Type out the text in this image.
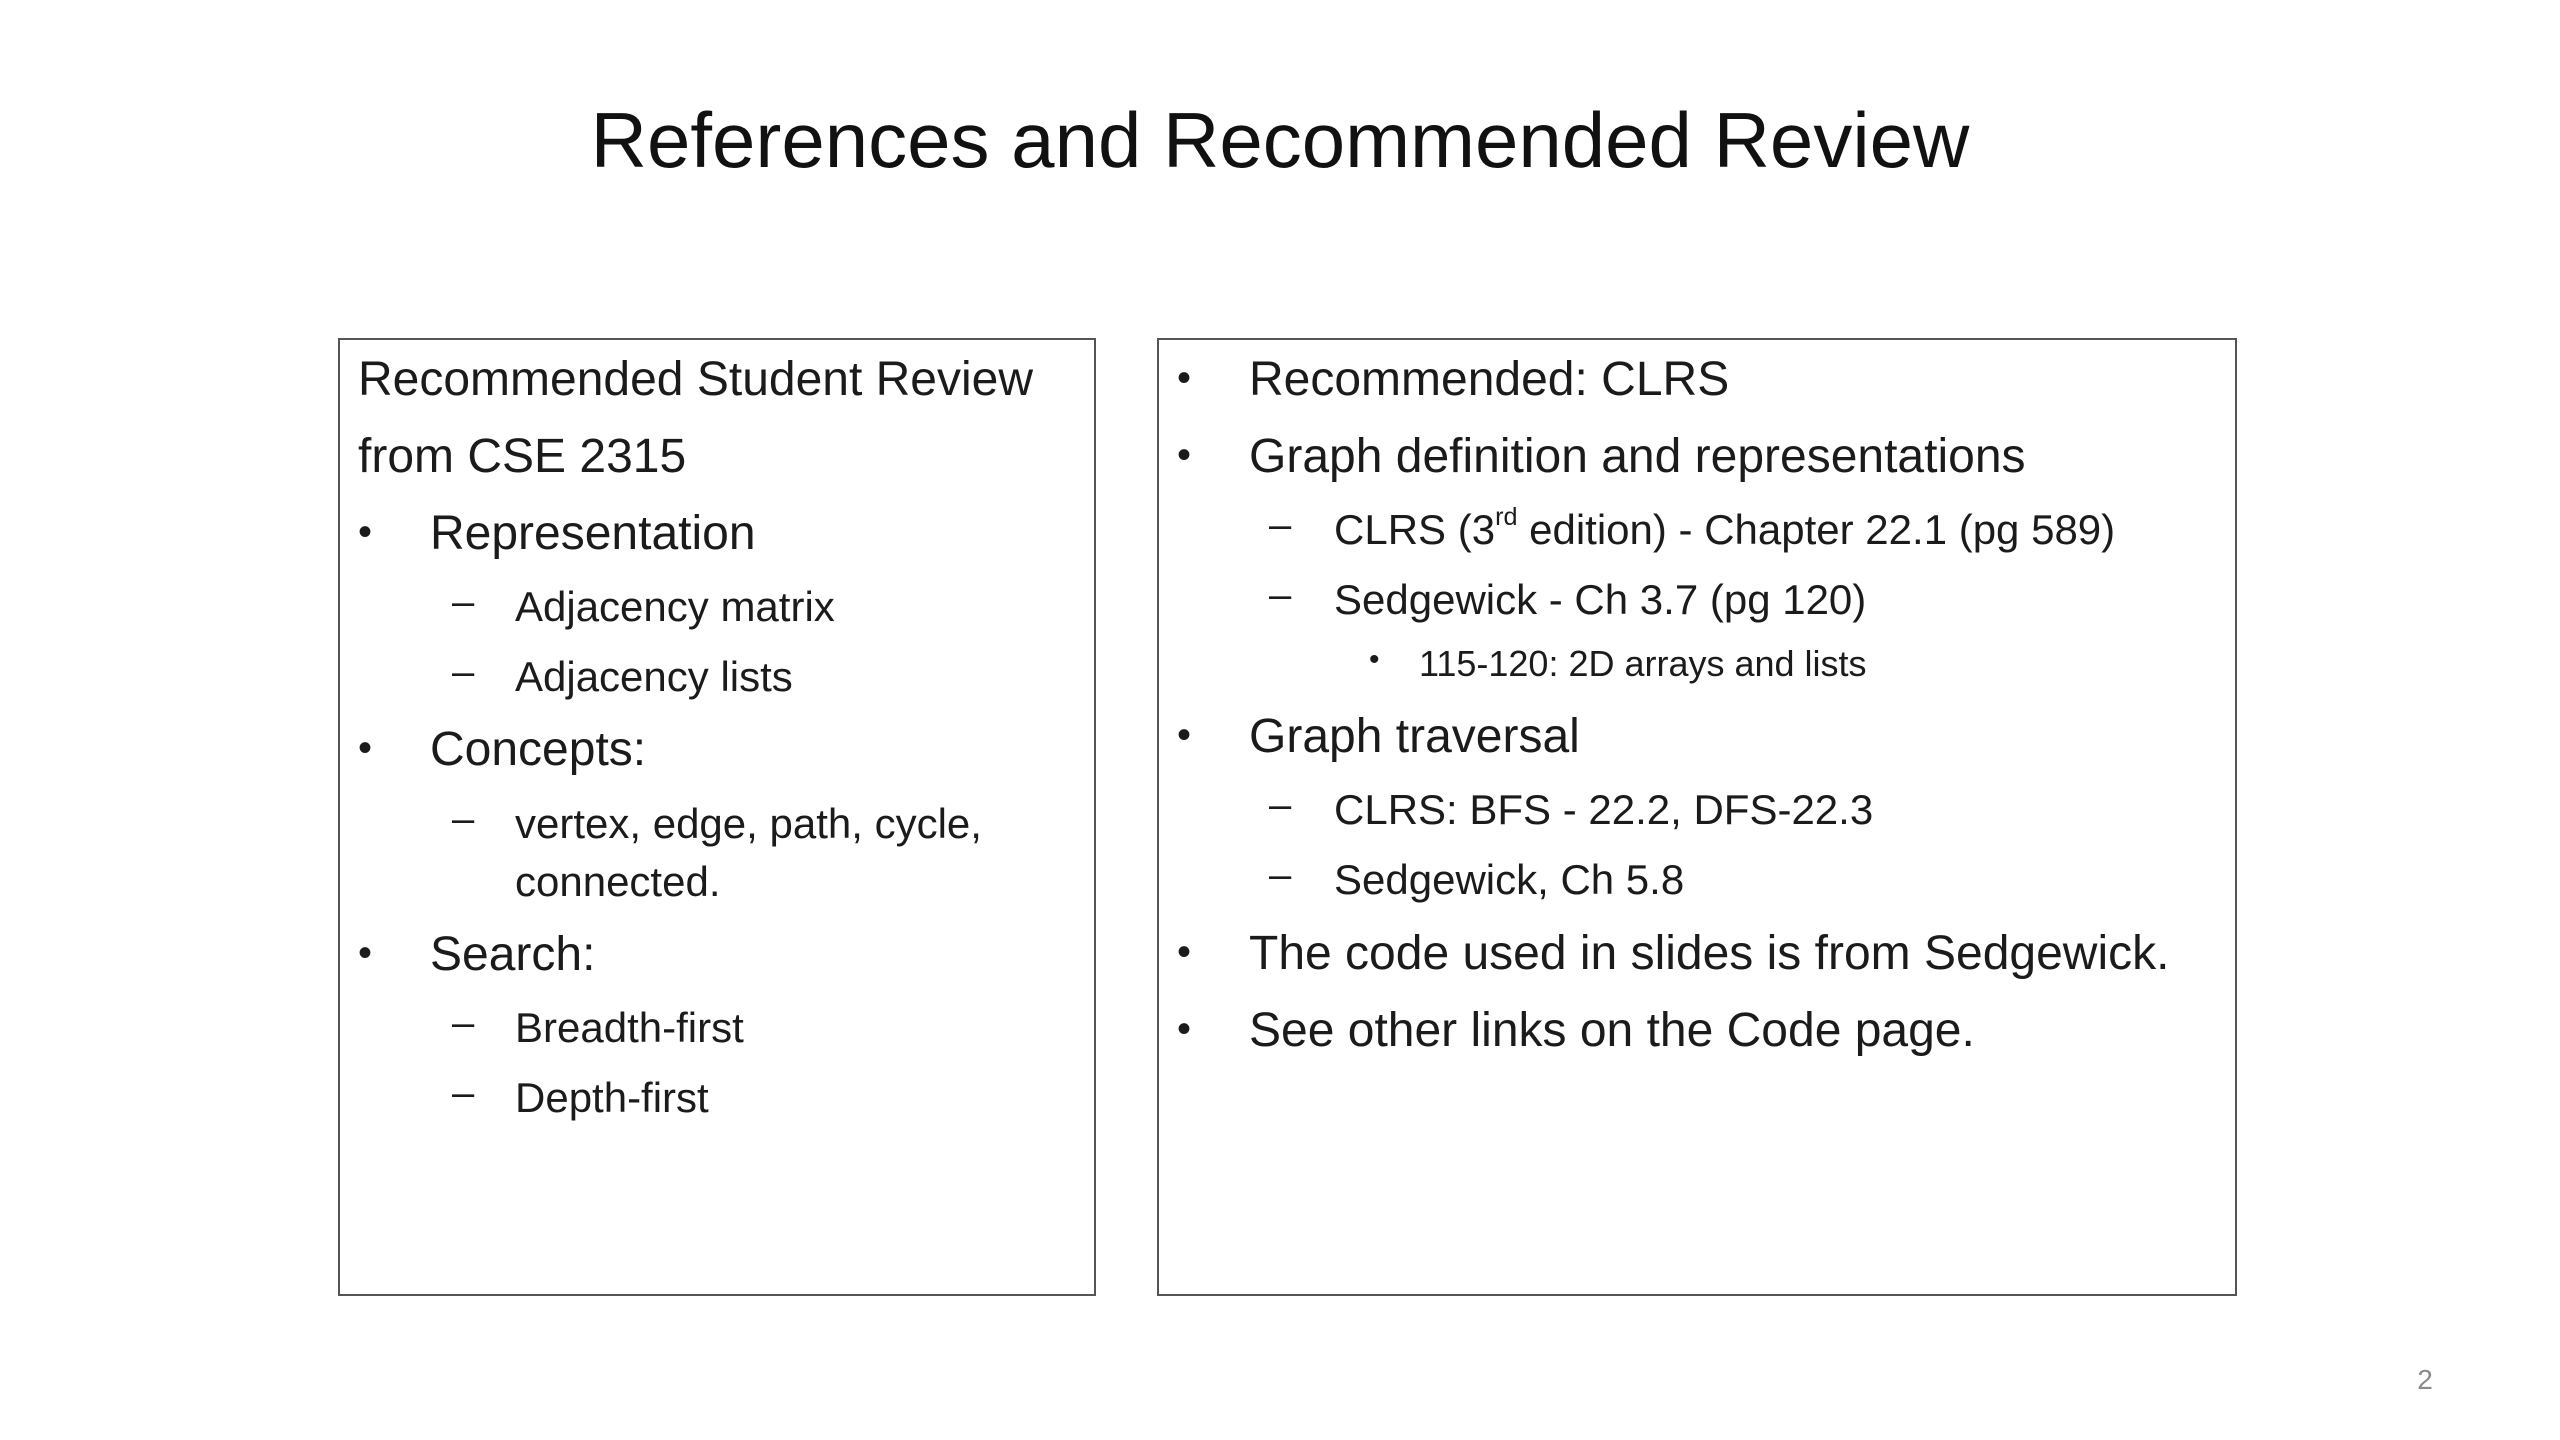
References and Recommended Review
Recommended Student Review
from CSE 2315
• Representation
– Adjacency matrix
– Adjacency lists
• Concepts:
– vertex, edge, path, cycle,
connected.
• Search:
– Breadth-first
– Depth-first
• Recommended: CLRS
• Graph definition and representations
– CLRS (3rd edition) - Chapter 22.1 (pg 589)
– Sedgewick - Ch 3.7 (pg 120)
• 115-120: 2D arrays and lists
• Graph traversal
– CLRS: BFS - 22.2, DFS-22.3
– Sedgewick, Ch 5.8
• The code used in slides is from Sedgewick.
• See other links on the Code page.
2
